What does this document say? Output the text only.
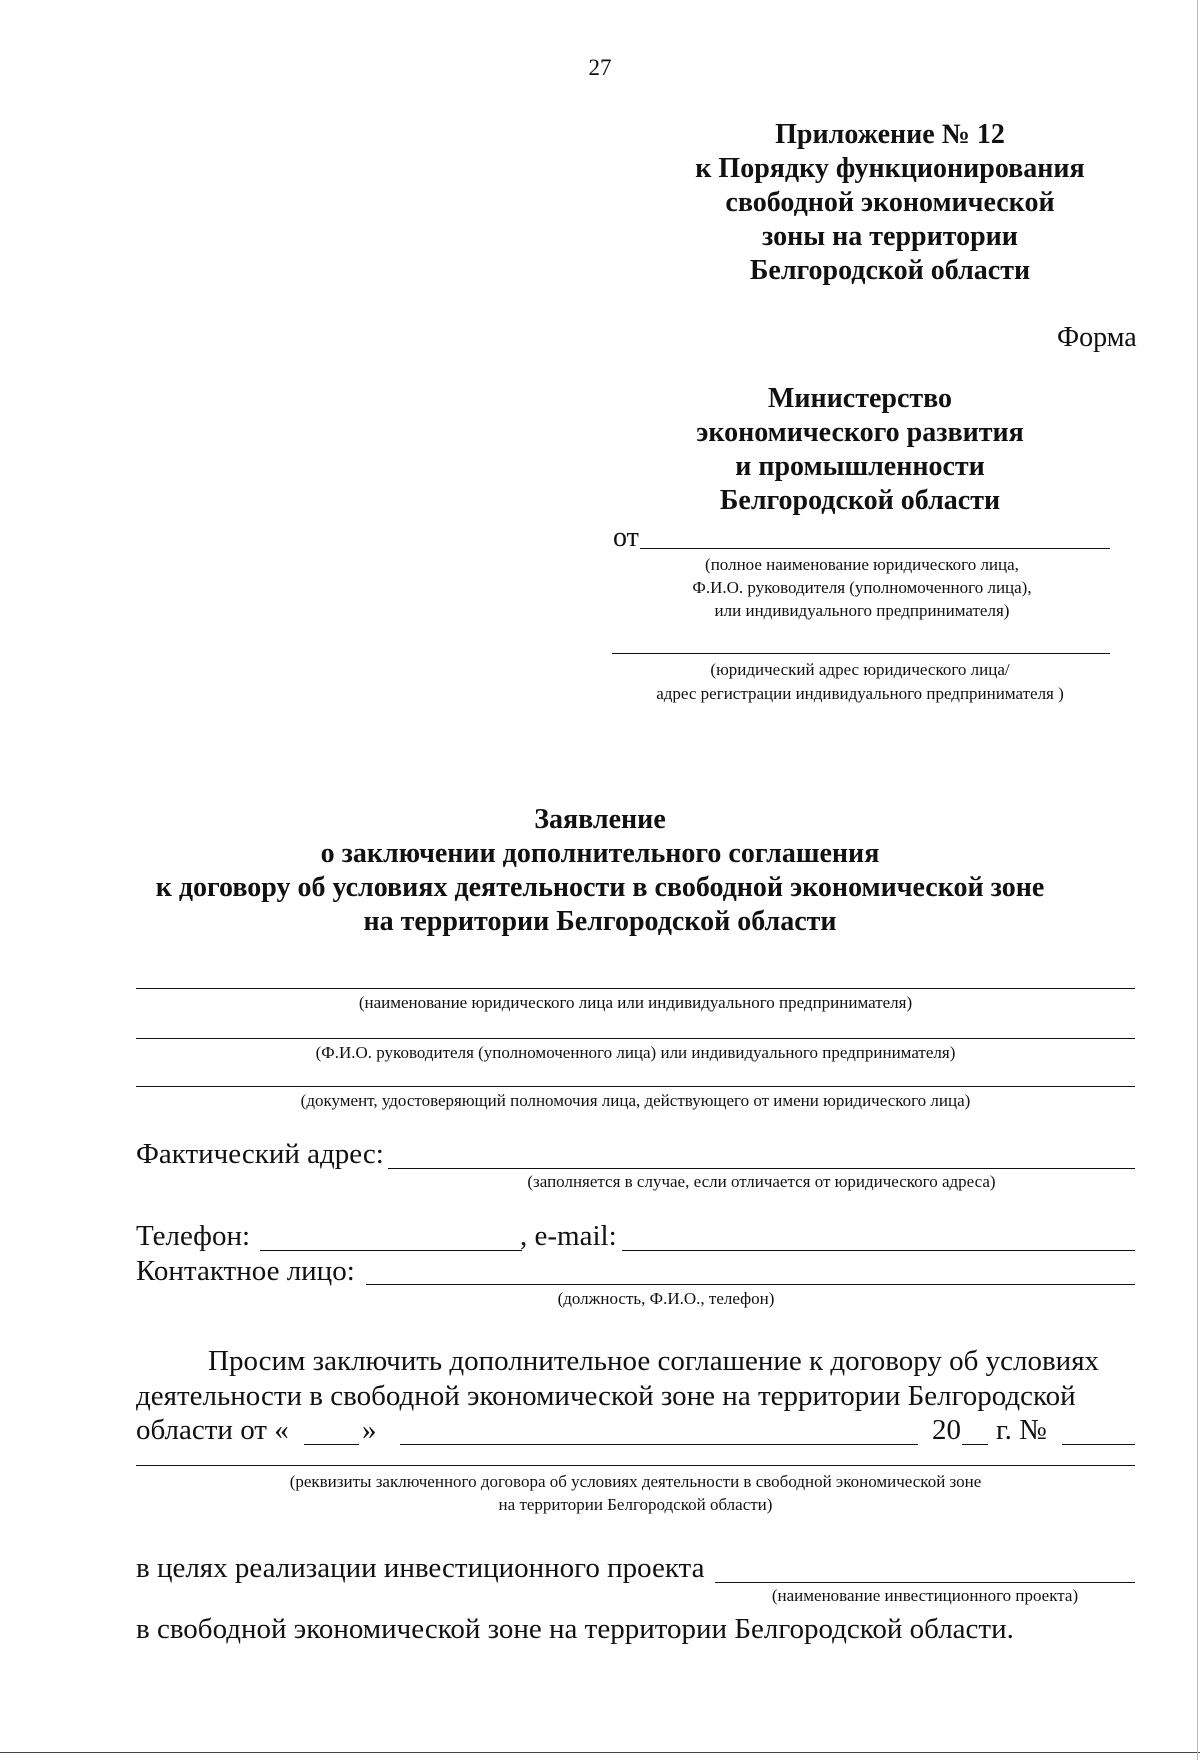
27
Приложение № 12
к Порядку функционирования
свободной экономической
зоны на территории
Белгородской области
Форма
Министерство
экономического развития
и промышленности
Белгородской области
от
(полное наименование юридического лица,
Ф.И.О. руководителя (уполномоченного лица),
или индивидуального предпринимателя)
(юридический адрес юридического лица/
адрес регистрации индивидуального предпринимателя )
Заявление
о заключении дополнительного соглашения
к договору об условиях деятельности в свободной экономической зоне
на территории Белгородской области
(наименование юридического лица или индивидуального предпринимателя)
(Ф.И.О. руководителя (уполномоченного лица) или индивидуального предпринимателя)
(документ, удостоверяющий полномочия лица, действующего от имени юридического лица)
Фактический адрес:
(заполняется в случае, если отличается от юридического адреса)
Телефон:	, e-mail:
Контактное лицо:
(должность, Ф.И.О., телефон)
Просим заключить дополнительное соглашение к договору об условиях
деятельности в свободной экономической зоне на территории Белгородской
области от «	»	20 г. №
(реквизиты заключенного договора об условиях деятельности в свободной экономической зоне
на территории Белгородской области)
в целях реализации инвестиционного проекта
(наименование инвестиционного проекта)
в свободной экономической зоне на территории Белгородской области.
